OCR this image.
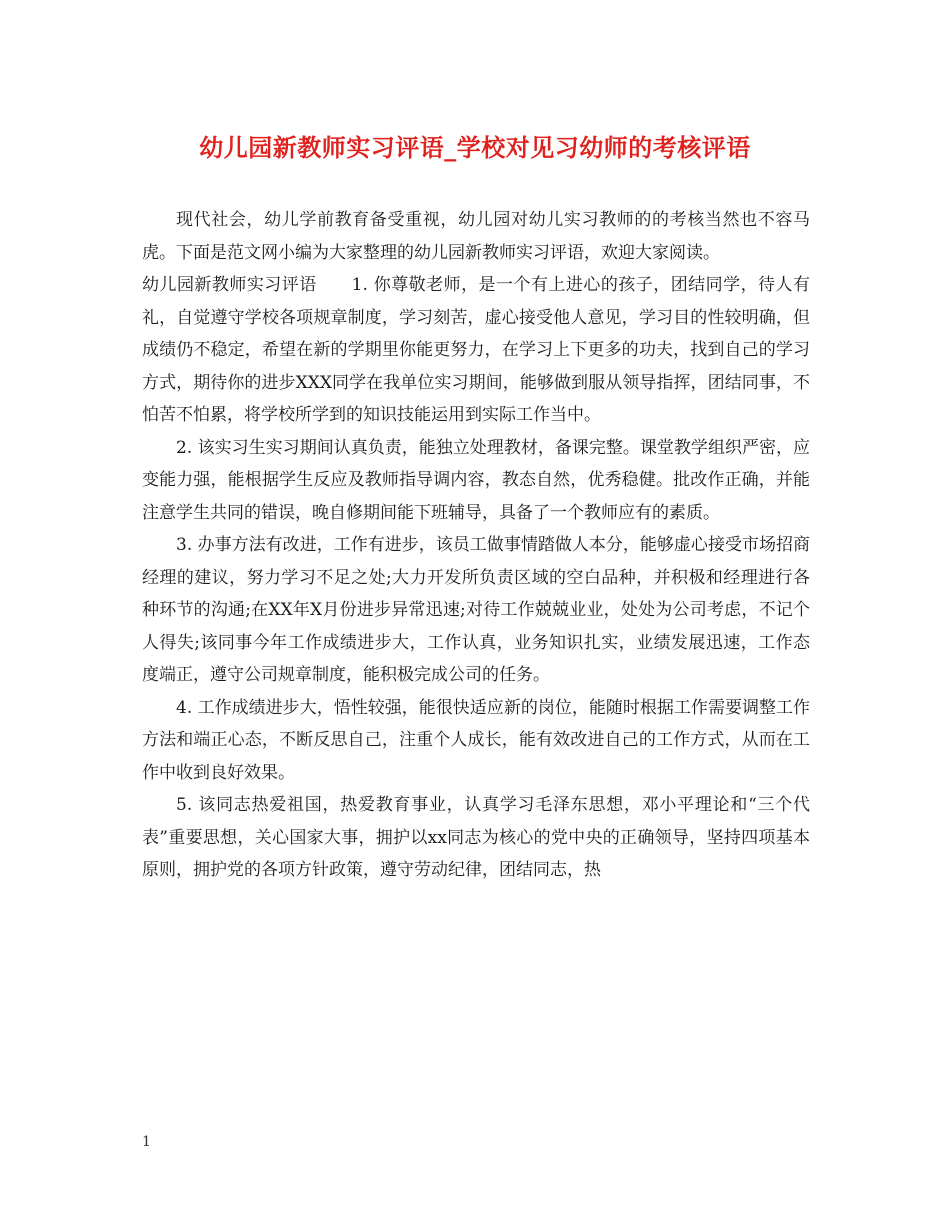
幼儿园新教师实习评语_学校对见习幼师的考核评语

现代社会，幼儿学前教育备受重视，幼儿园对幼儿实习教师的的考核当然也不容马虎。下面是范文网小编为大家整理的幼儿园新教师实习评语，欢迎大家阅读。

幼儿园新教师实习评语　　1. 你尊敬老师，是一个有上进心的孩子，团结同学，待人有礼，自觉遵守学校各项规章制度，学习刻苦，虚心接受他人意见，学习目的性较明确，但成绩仍不稳定，希望在新的学期里你能更努力，在学习上下更多的功夫，找到自己的学习方式，期待你的进步XXX同学在我单位实习期间，能够做到服从领导指挥，团结同事，不怕苦不怕累，将学校所学到的知识技能运用到实际工作当中。

2. 该实习生实习期间认真负责，能独立处理教材，备课完整。课堂教学组织严密，应变能力强，能根据学生反应及教师指导调内容，教态自然，优秀稳健。批改作正确，并能注意学生共同的错误，晚自修期间能下班辅导，具备了一个教师应有的素质。

3. 办事方法有改进，工作有进步，该员工做事情踏做人本分，能够虚心接受市场招商经理的建议，努力学习不足之处;大力开发所负责区域的空白品种，并积极和经理进行各种环节的沟通;在XX年X月份进步异常迅速;对待工作兢兢业业，处处为公司考虑，不记个人得失;该同事今年工作成绩进步大，工作认真，业务知识扎实，业绩发展迅速，工作态度端正，遵守公司规章制度，能积极完成公司的任务。

4. 工作成绩进步大，悟性较强，能很快适应新的岗位，能随时根据工作需要调整工作方法和端正心态，不断反思自己，注重个人成长，能有效改进自己的工作方式，从而在工作中收到良好效果。

5. 该同志热爱祖国，热爱教育事业，认真学习毛泽东思想，邓小平理论和“三个代表”重要思想，关心国家大事，拥护以xx同志为核心的党中央的正确领导，坚持四项基本原则，拥护党的各项方针政策，遵守劳动纪律，团结同志，热

1
